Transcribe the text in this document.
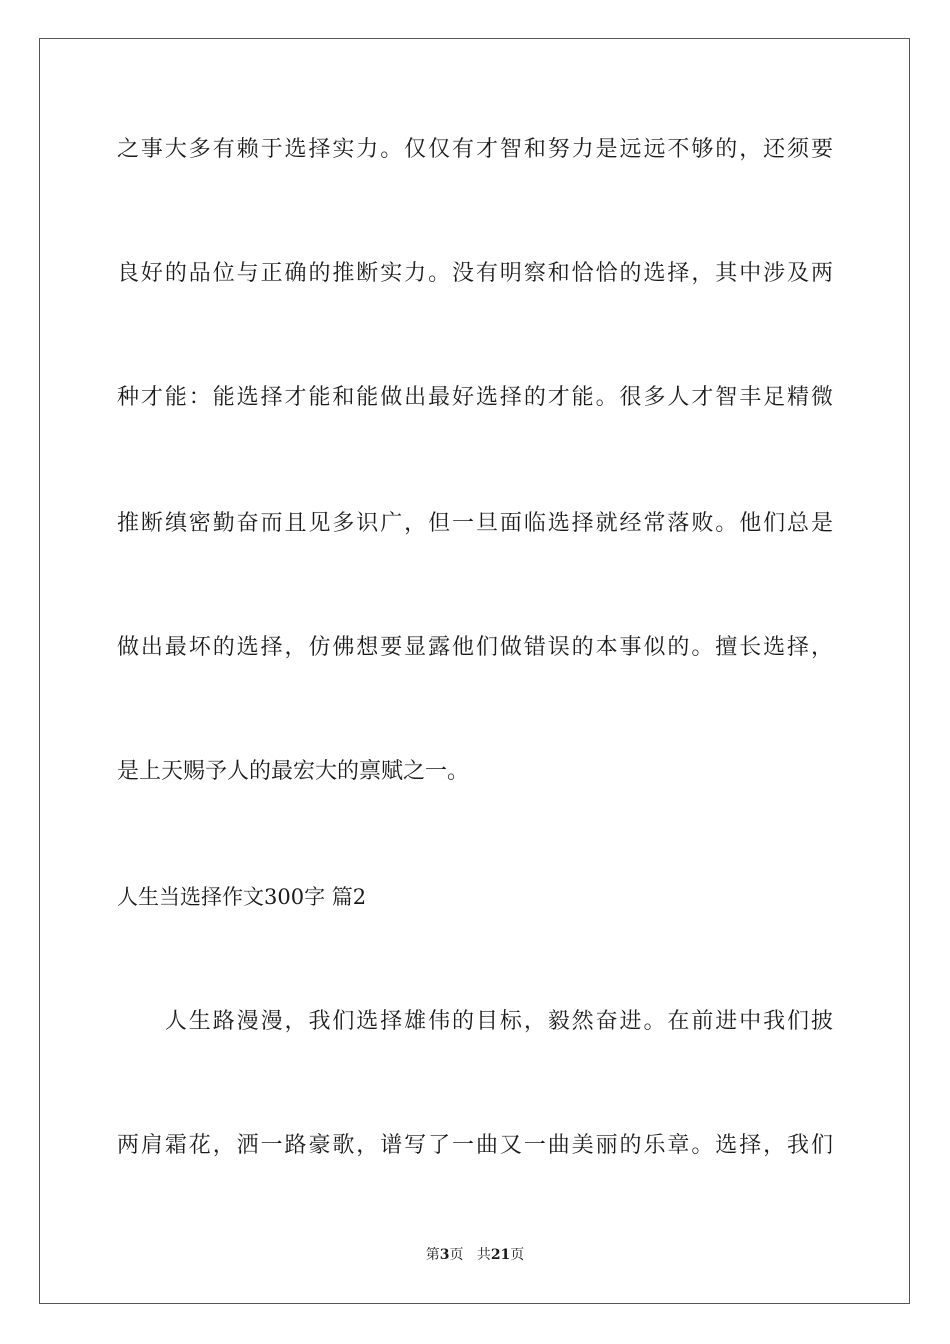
之事大多有赖于选择实力。仅仅有才智和努力是远远不够的，还须要
良好的品位与正确的推断实力。没有明察和恰恰的选择，其中涉及两
种才能：能选择才能和能做出最好选择的才能。很多人才智丰足精微
推断缜密勤奋而且见多识广，但一旦面临选择就经常落败。他们总是
做出最坏的选择，仿佛想要显露他们做错误的本事似的。擅长选择，
是上天赐予人的最宏大的禀赋之一。
人生当选择作文300字 篇2
　　人生路漫漫，我们选择雄伟的目标，毅然奋进。在前进中我们披
两肩霜花，洒一路豪歌，谱写了一曲又一曲美丽的乐章。选择，我们
第3页 共21页
